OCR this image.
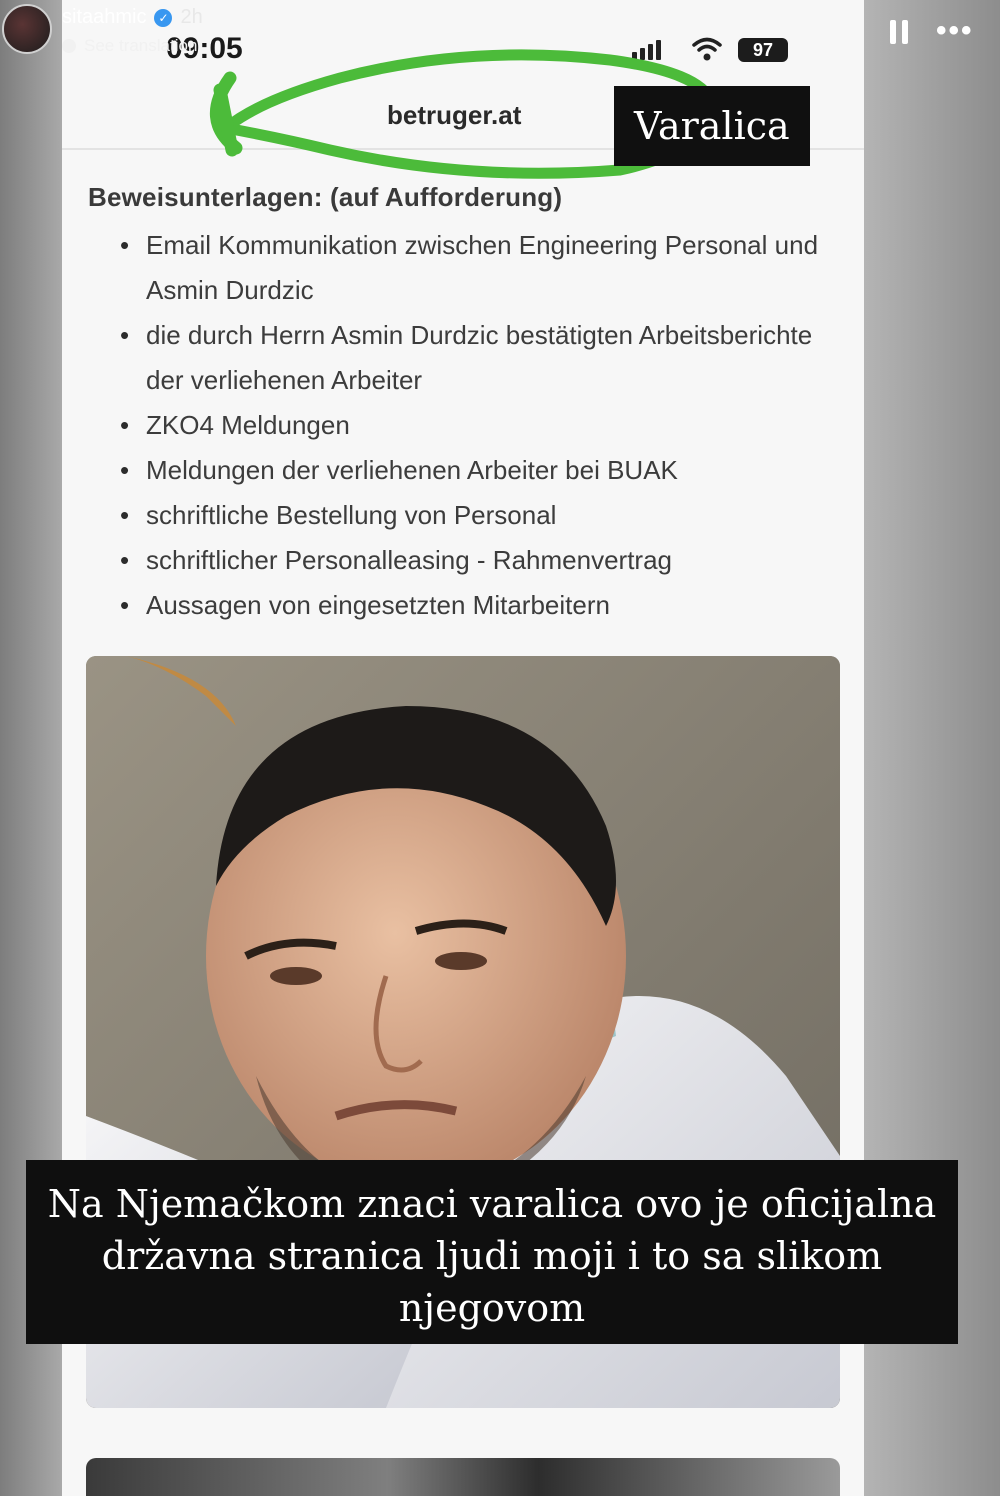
09:05	97
betruger.at
Beweisunterlagen: (auf Aufforderung)
• Email Kommunikation zwischen Engineering Personal und Asmin Durdzic
• die durch Herrn Asmin Durdzic bestätigten Arbeitsberichte der verliehenen Arbeiter
• ZKO4 Meldungen
• Meldungen der verliehenen Arbeiter bei BUAK
• schriftliche Bestellung von Personal
• schriftlicher Personalleasing - Rahmenvertrag
• Aussagen von eingesetzten Mitarbeitern
sitaahmic ✓ 2h
See translation	•••
Varalica
Na Njemačkom znaci varalica ovo je oficijalna državna stranica ljudi moji i to sa slikom njegovom
